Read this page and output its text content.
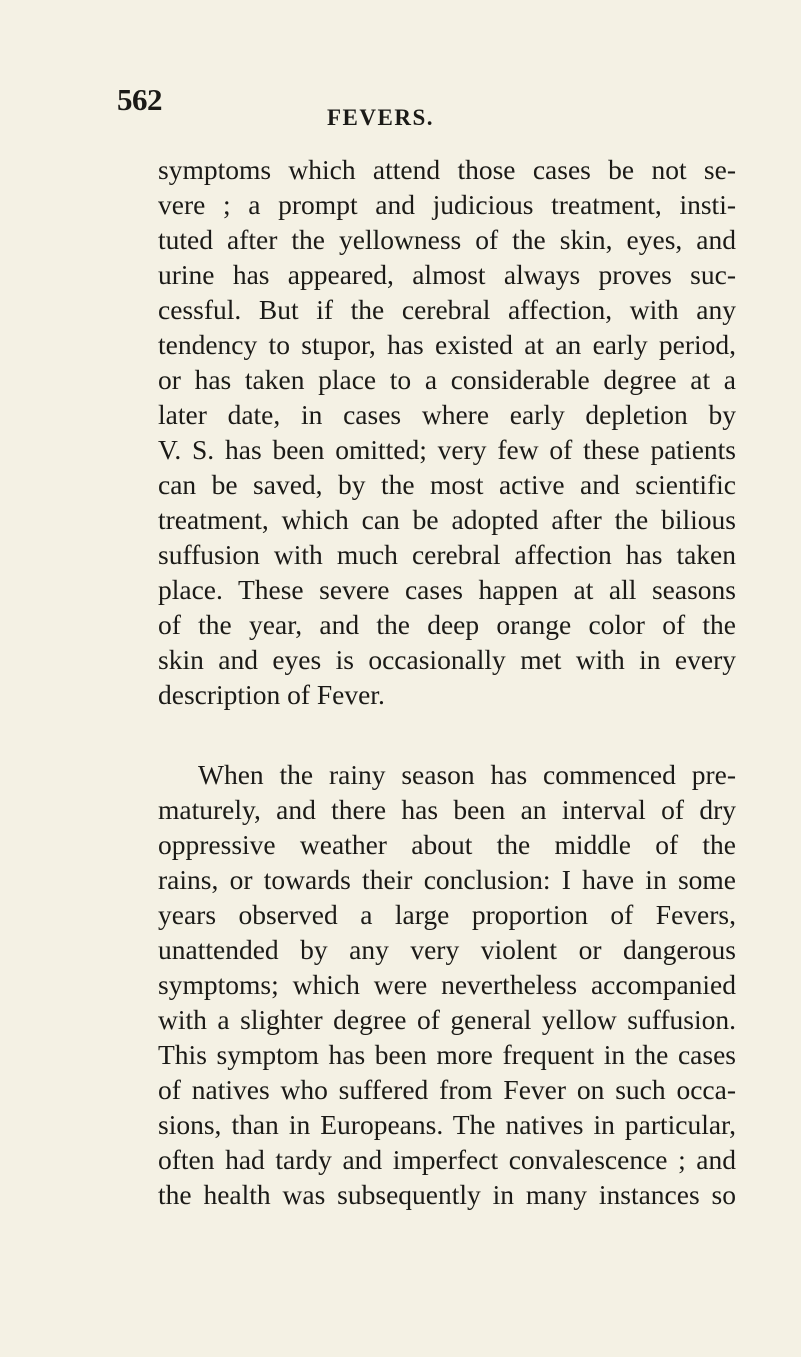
562
FEVERS.
symptoms which attend those cases be not se-
vere ; a prompt and judicious treatment, insti-
tuted after the yellowness of the skin, eyes, and
urine has appeared, almost always proves suc-
cessful. But if the cerebral affection, with any
tendency to stupor, has existed at an early period,
or has taken place to a considerable degree at a
later date, in cases where early depletion by
V. S. has been omitted; very few of these patients
can be saved, by the most active and scientific
treatment, which can be adopted after the bilious
suffusion with much cerebral affection has taken
place. These severe cases happen at all seasons
of the year, and the deep orange color of the
skin and eyes is occasionally met with in every
description of Fever.
When the rainy season has commenced pre-
maturely, and there has been an interval of dry
oppressive weather about the middle of the
rains, or towards their conclusion: I have in some
years observed a large proportion of Fevers,
unattended by any very violent or dangerous
symptoms; which were nevertheless accompanied
with a slighter degree of general yellow suffusion.
This symptom has been more frequent in the cases
of natives who suffered from Fever on such occa-
sions, than in Europeans. The natives in particular,
often had tardy and imperfect convalescence ; and
the health was subsequently in many instances so
